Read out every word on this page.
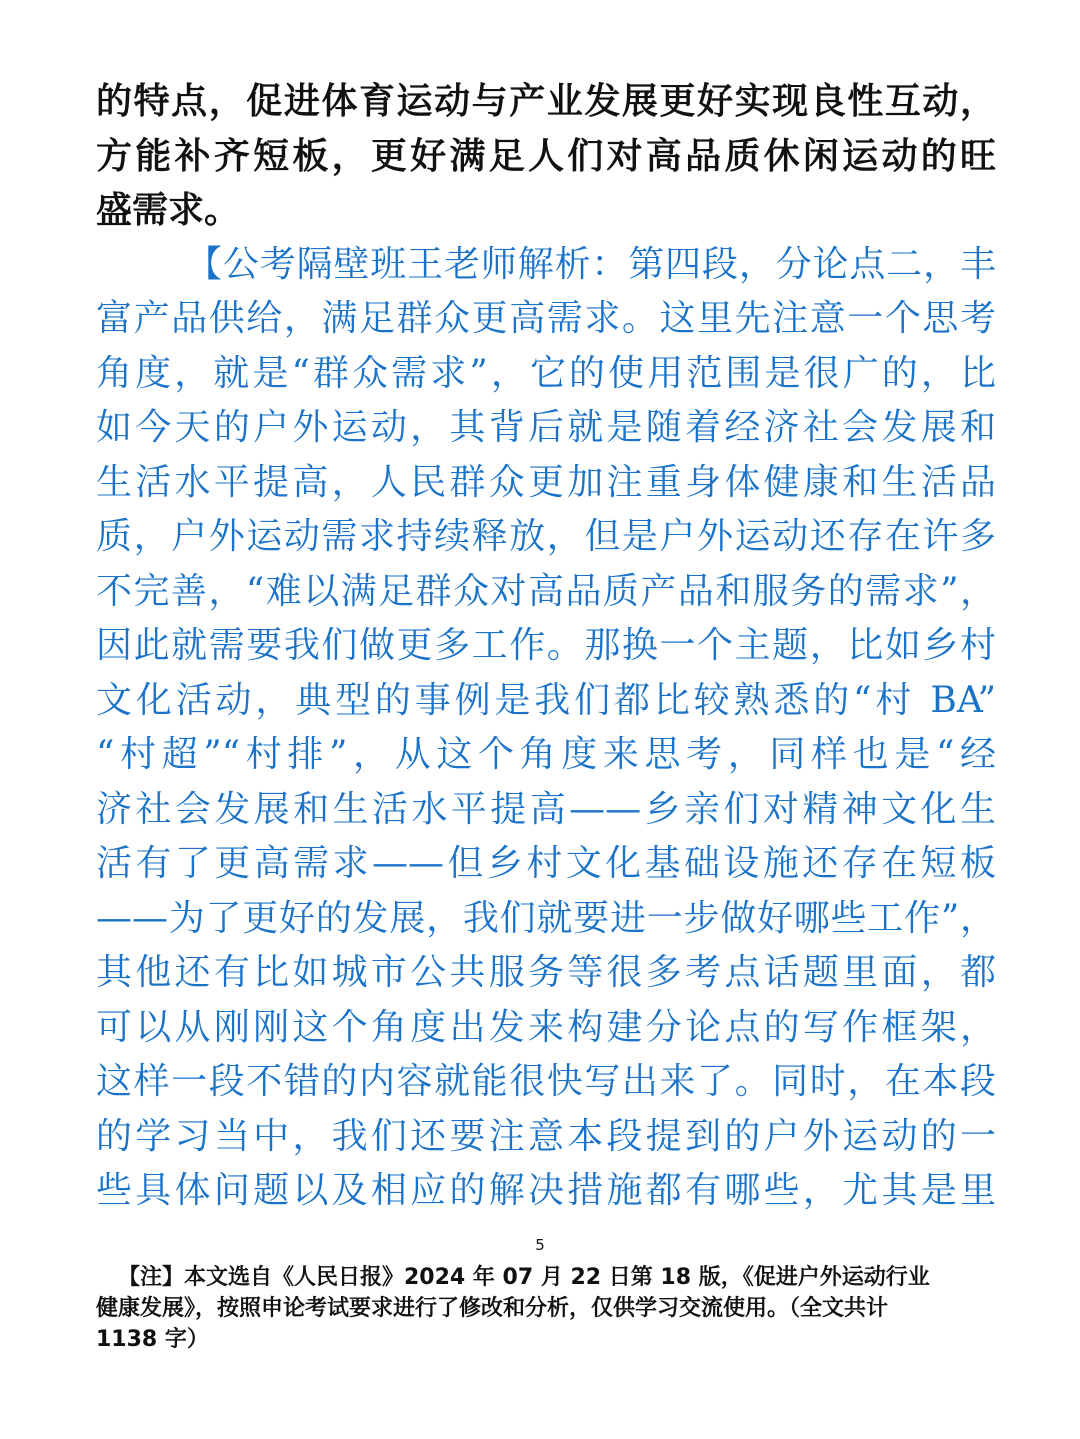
的特点，促进体育运动与产业发展更好实现良性互动，
方能补齐短板，更好满足人们对高品质休闲运动的旺
盛需求。
【公考隔壁班王老师解析：第四段，分论点二，丰
富产品供给，满足群众更高需求。这里先注意一个思考
角度，就是“群众需求”，它的使用范围是很广的，比
如今天的户外运动，其背后就是随着经济社会发展和
生活水平提高，人民群众更加注重身体健康和生活品
质，户外运动需求持续释放，但是户外运动还存在许多
不完善，“难以满足群众对高品质产品和服务的需求”，
因此就需要我们做更多工作。那换一个主题，比如乡村
文化活动，典型的事例是我们都比较熟悉的“村 BA”
“村超”“村排”，从这个角度来思考，同样也是“经
济社会发展和生活水平提高——乡亲们对精神文化生
活有了更高需求——但乡村文化基础设施还存在短板
——为了更好的发展，我们就要进一步做好哪些工作”，
其他还有比如城市公共服务等很多考点话题里面，都
可以从刚刚这个角度出发来构建分论点的写作框架，
这样一段不错的内容就能很快写出来了。同时，在本段
的学习当中，我们还要注意本段提到的户外运动的一
些具体问题以及相应的解决措施都有哪些，尤其是里
5
【注】本文选自《人民日报》2024 年 07 月 22 日第 18 版，《促进户外运动行业
健康发展》，按照申论考试要求进行了修改和分析，仅供学习交流使用。（全文共计
1138 字）
